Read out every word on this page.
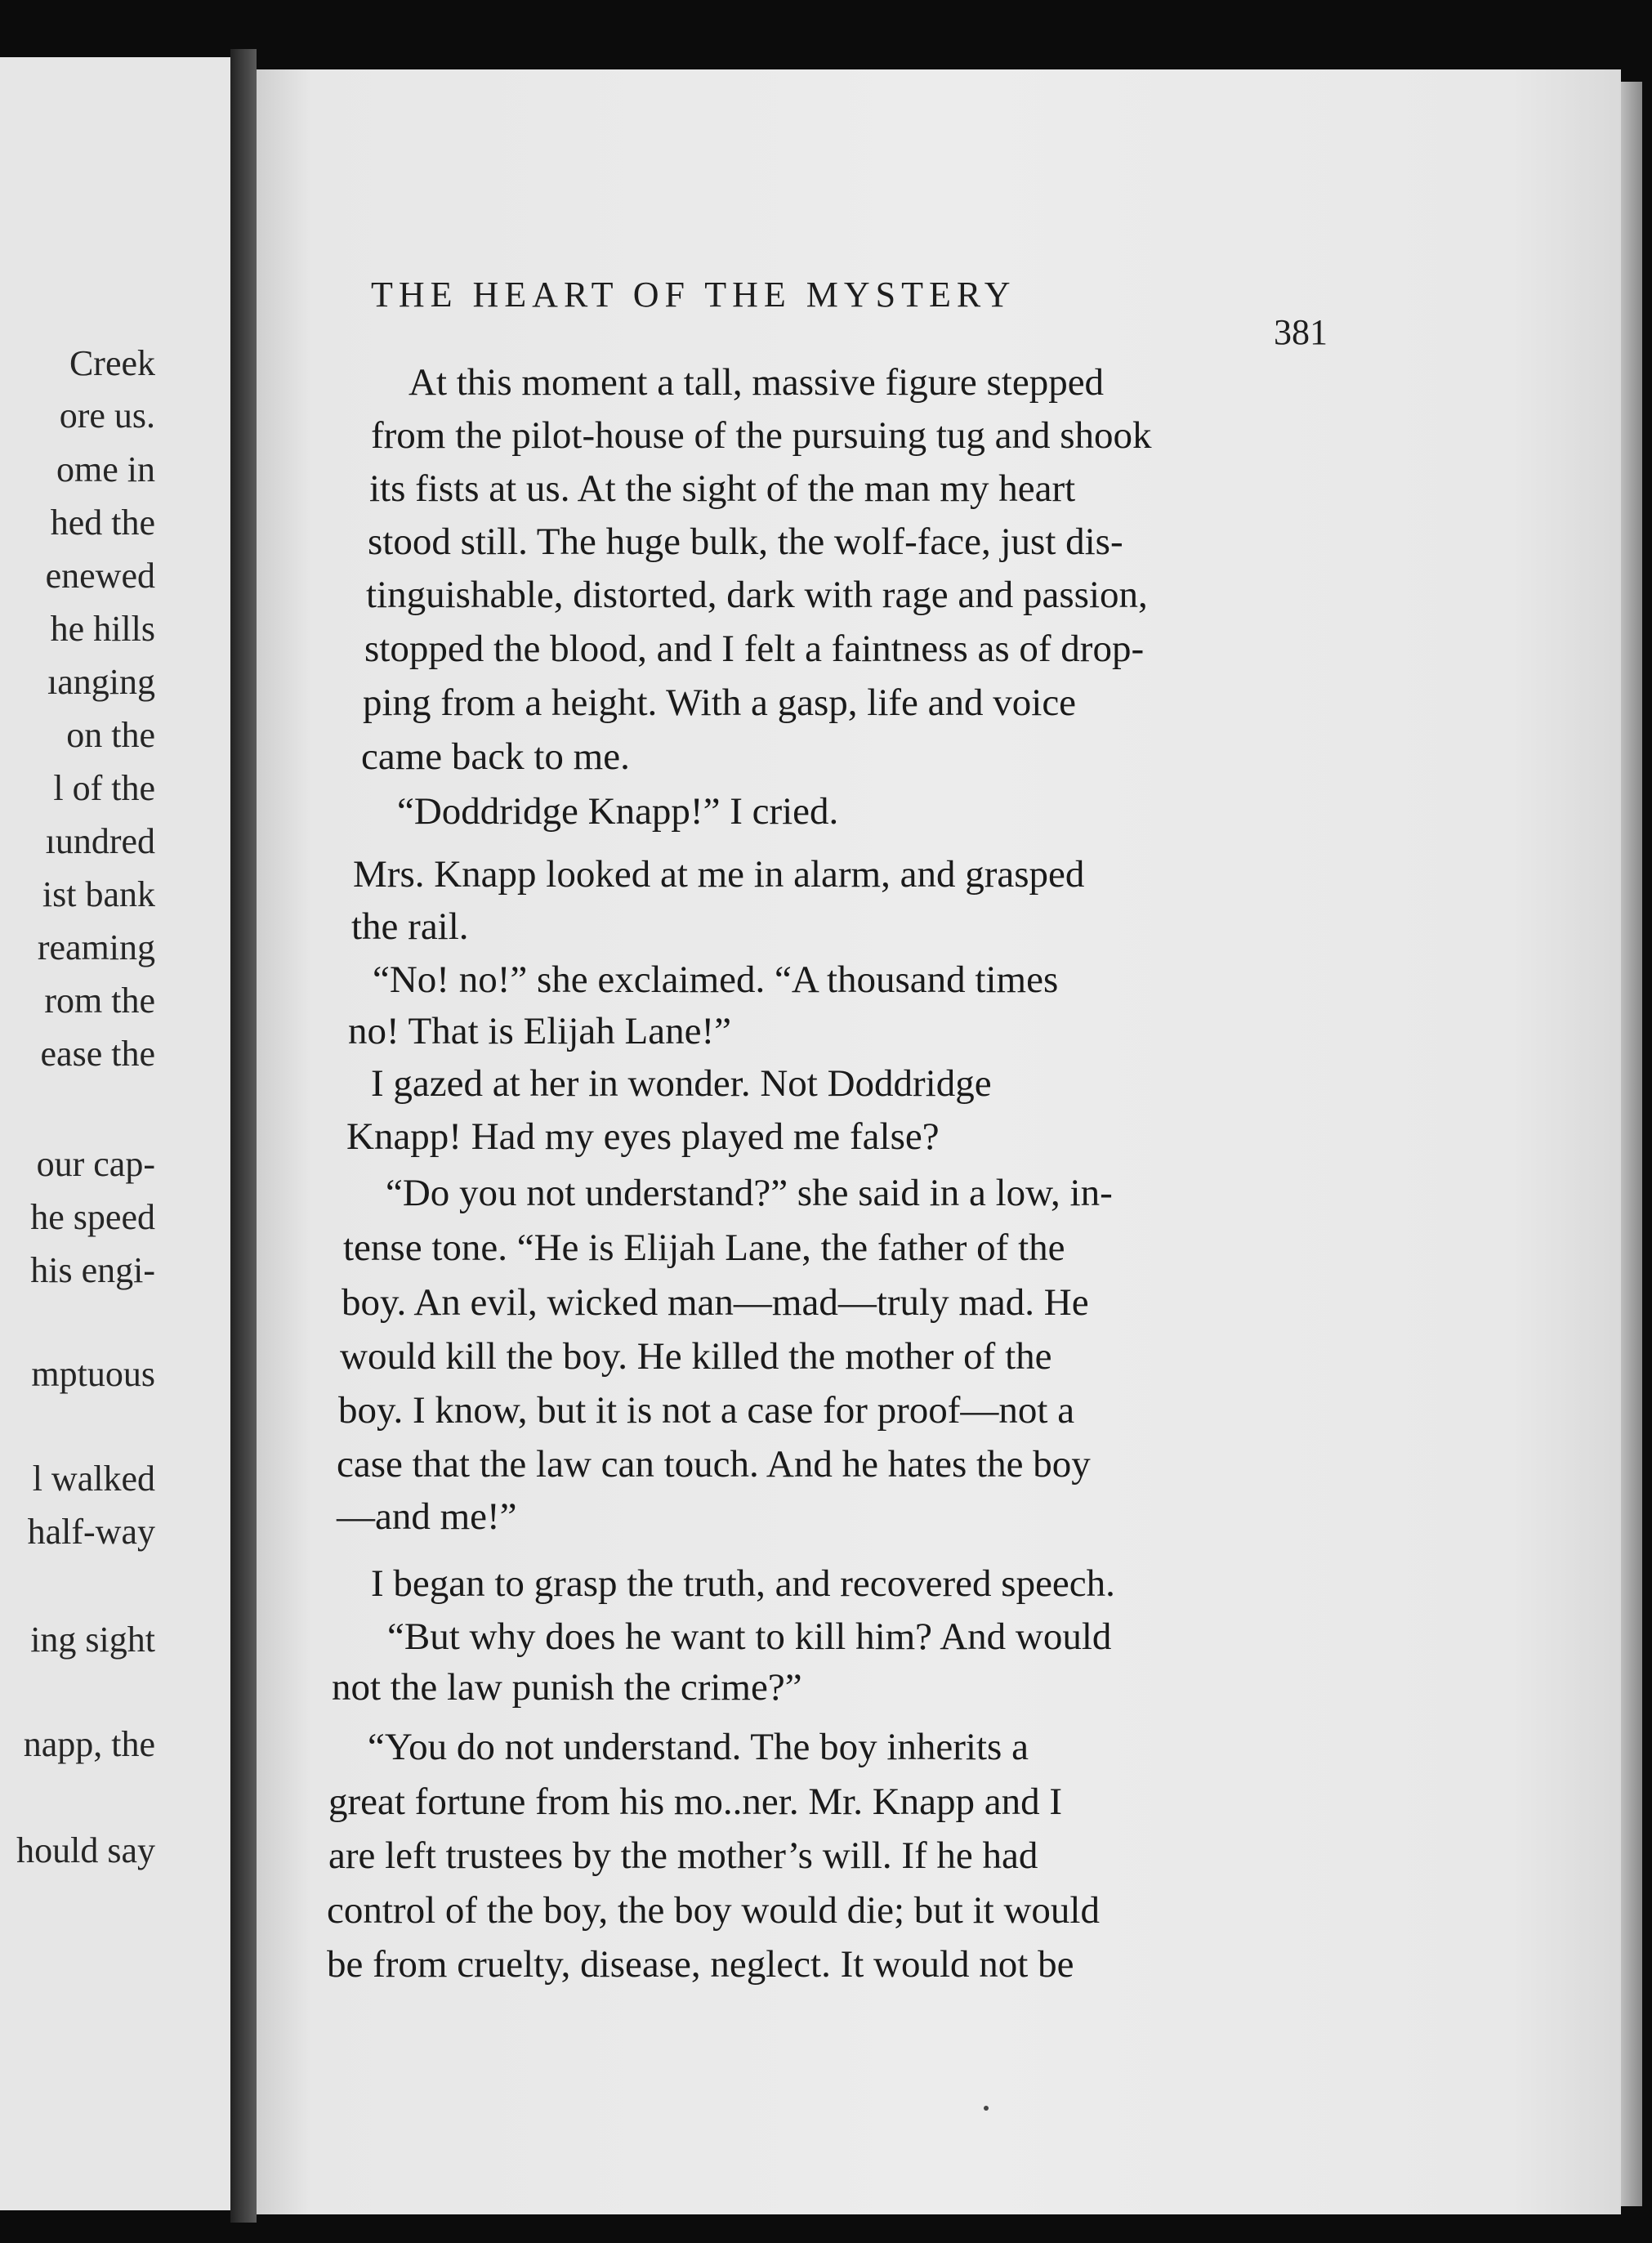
Creek
ore us.
ome in
hed the
enewed
he hills
ıanging
on the
l of the
ıundred
ist bank
reaming
rom the
ease the
our cap-
he speed
his engi-
mptuous
l walked
half-way
ing sight
napp, the
hould say
THE HEART OF THE MYSTERY
381
At this moment a tall, massive figure stepped
from the pilot-house of the pursuing tug and shook
its fists at us. At the sight of the man my heart
stood still. The huge bulk, the wolf-face, just dis-
tinguishable, distorted, dark with rage and passion,
stopped the blood, and I felt a faintness as of drop-
ping from a height. With a gasp, life and voice
came back to me.
“Doddridge Knapp!” I cried.
Mrs. Knapp looked at me in alarm, and grasped
the rail.
“No! no!” she exclaimed. “A thousand times
no! That is Elijah Lane!”
I gazed at her in wonder. Not Doddridge
Knapp! Had my eyes played me false?
“Do you not understand?” she said in a low, in-
tense tone. “He is Elijah Lane, the father of the
boy. An evil, wicked man—mad—truly mad. He
would kill the boy. He killed the mother of the
boy. I know, but it is not a case for proof—not a
case that the law can touch. And he hates the boy
—and me!”
I began to grasp the truth, and recovered speech.
“But why does he want to kill him? And would
not the law punish the crime?”
“You do not understand. The boy inherits a
great fortune from his mo..ner. Mr. Knapp and I
are left trustees by the mother’s will. If he had
control of the boy, the boy would die; but it would
be from cruelty, disease, neglect. It would not be
